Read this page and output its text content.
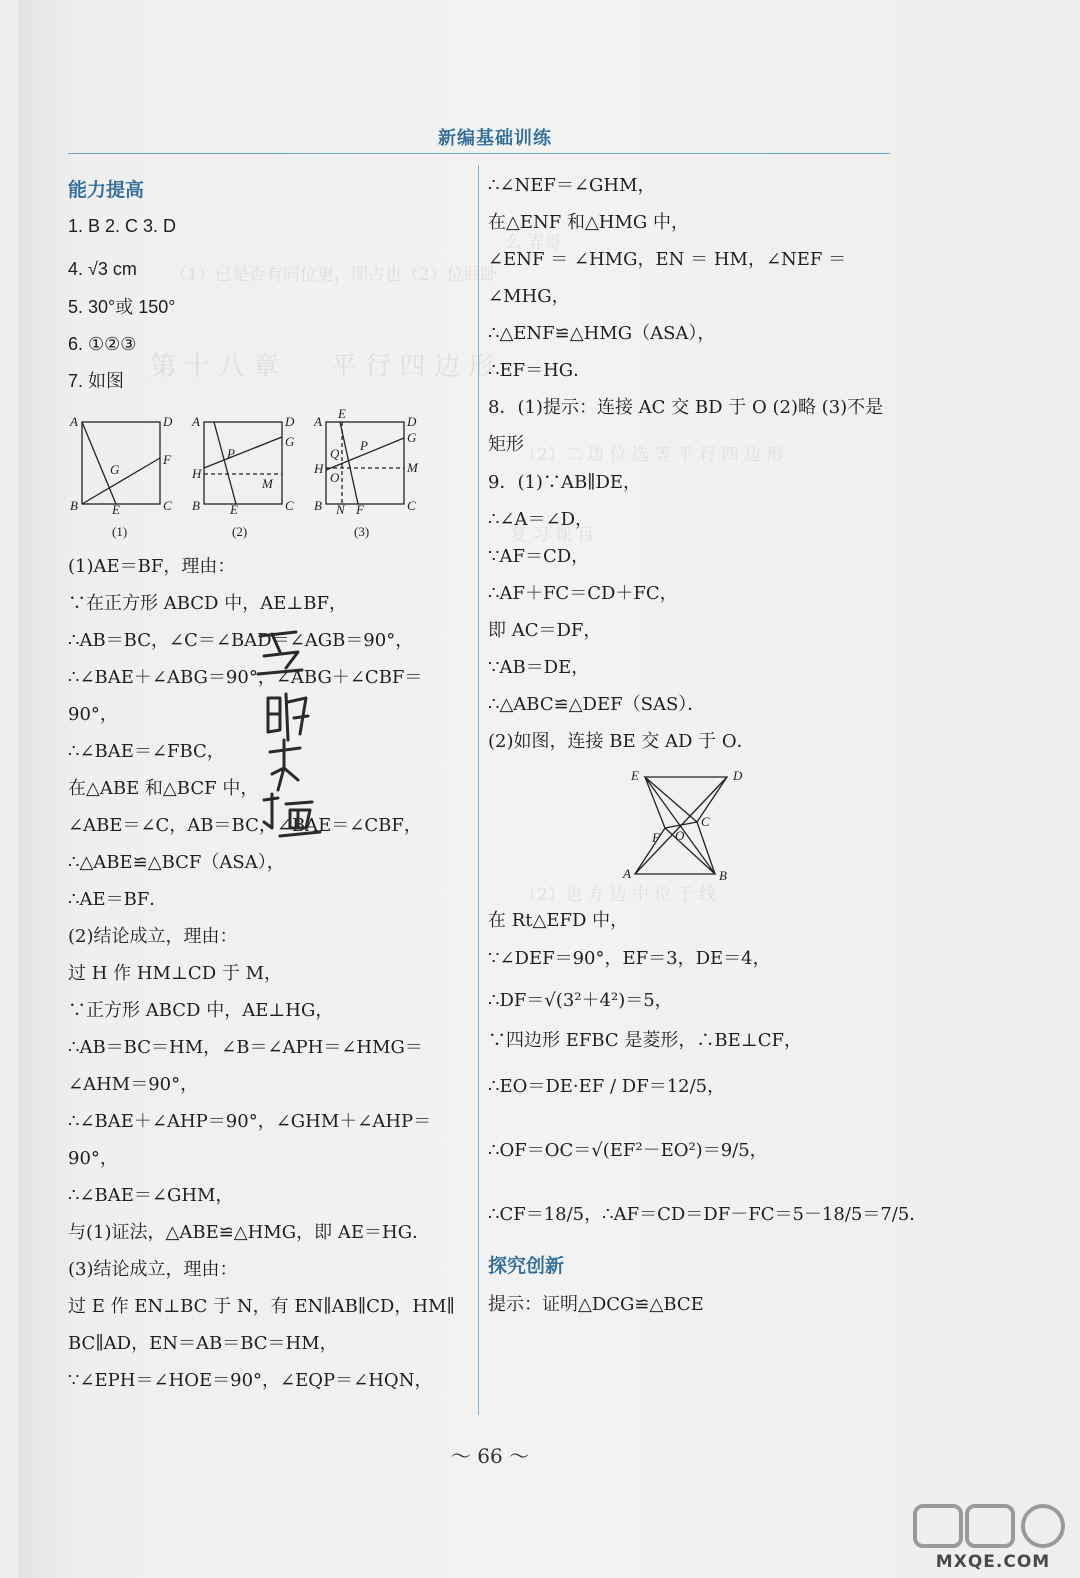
么 弄哥
（1）已是否有同位更，即占也（2）位回卧
第 十 八 章　　平 行 四 边 形
（2）二 边 位 选 等 平 行 四 边 形
复 习 课 目
（2）也 方 边 中 位 于 线
新编基础训练
能力提高
1. B 2. C 3. D
4. √3 cm
5. 30°或 150°
6. ①②③
7. 如图
A	D
F
G
B	E	C
(1)
A	D
G
P
H
M
B E	C
(2)
A
E
D
G
P
Q
H	M
O
B N F	C
(3)
(1)AE＝BF，理由：
∵在正方形 ABCD 中，AE⊥BF，
∴AB＝BC，∠C＝∠BAD＝∠AGB＝90°，
∴∠BAE＋∠ABG＝90°，∠ABG＋∠CBF＝
90°，
∴∠BAE＝∠FBC，
在△ABE 和△BCF 中，
∠ABE＝∠C，AB＝BC，∠BAE＝∠CBF，
∴△ABE≌△BCF（ASA），
∴AE＝BF．
(2)结论成立，理由：
过 H 作 HM⊥CD 于 M，
∵正方形 ABCD 中，AE⊥HG，
∴AB＝BC＝HM，∠B＝∠APH＝∠HMG＝
∠AHM＝90°，
∴∠BAE＋∠AHP＝90°，∠GHM＋∠AHP＝
90°，
∴∠BAE＝∠GHM，
与(1)证法，△ABE≌△HMG，即 AE＝HG．
(3)结论成立，理由：
过 E 作 EN⊥BC 于 N，有 EN∥AB∥CD，HM∥
BC∥AD，EN＝AB＝BC＝HM，
∵∠EPH＝∠HOE＝90°，∠EQP＝∠HQN，
∴∠NEF＝∠GHM，
在△ENF 和△HMG 中，
∠ENF ＝ ∠HMG，EN ＝ HM，∠NEF ＝
∠MHG，
∴△ENF≌△HMG（ASA），
∴EF＝HG．
8．(1)提示：连接 AC 交 BD 于 O (2)略 (3)不是
矩形
9．(1)∵AB∥DE，
∴∠A＝∠D，
∵AF＝CD，
∴AF＋FC＝CD＋FC，
即 AC＝DF，
∵AB＝DE，
∴△ABC≌△DEF（SAS）．
(2)如图，连接 BE 交 AD 于 O．
E	D
C
F O
A	B
在 Rt△EFD 中，
∵∠DEF＝90°，EF＝3，DE＝4，
∴DF＝√(3²＋4²)＝5，
∵四边形 EFBC 是菱形，∴BE⊥CF，
∴EO＝DE·EF / DF＝12/5，
∴OF＝OC＝√(EF²－EO²)＝9/5，
∴CF＝18/5，∴AF＝CD＝DF－FC＝5－18/5＝7/5．
探究创新
提示：证明△DCG≌△BCE
～ 66 ～
MXQE.COM
